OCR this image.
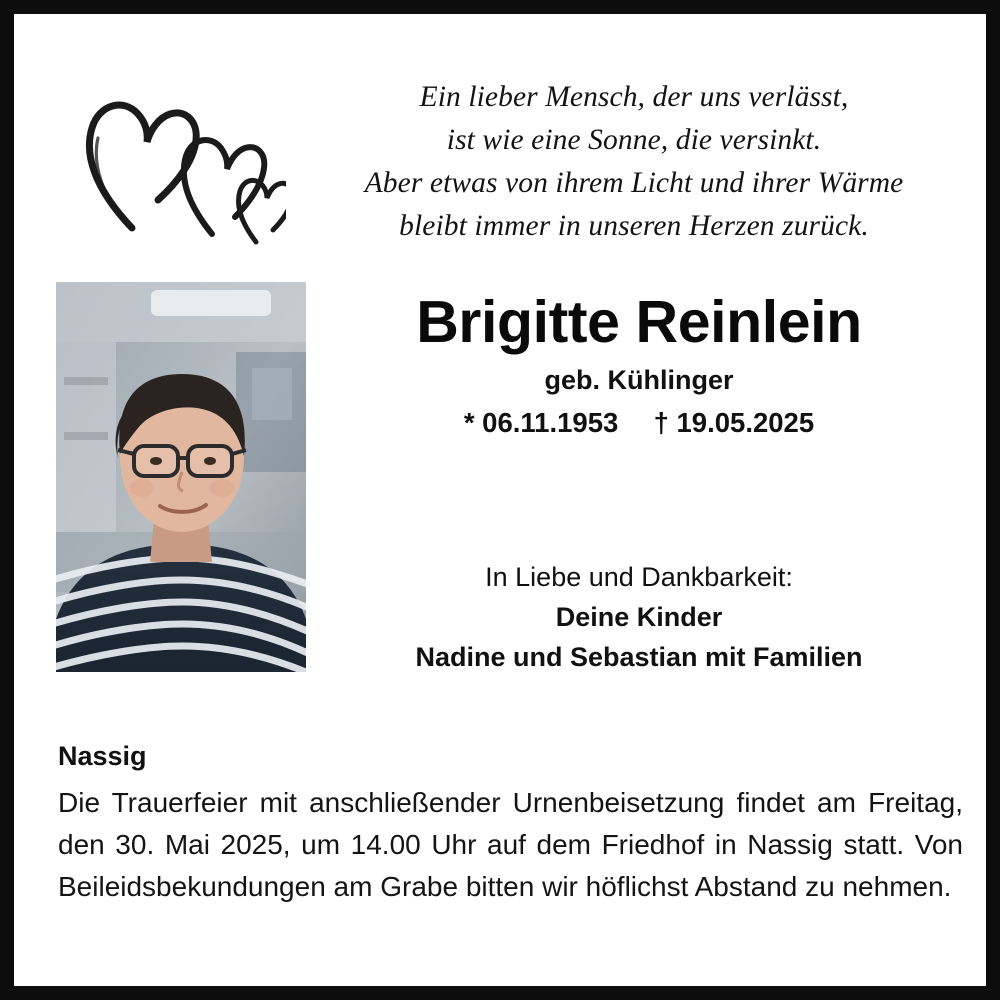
Ein lieber Mensch, der uns verlässt,
ist wie eine Sonne, die versinkt.
Aber etwas von ihrem Licht und ihrer Wärme
bleibt immer in unseren Herzen zurück.
Brigitte Reinlein
geb. Kühlinger
* 06.11.1953 † 19.05.2025
In Liebe und Dankbarkeit:
Deine Kinder
Nadine und Sebastian mit Familien
Nassig
Die Trauerfeier mit anschließender Urnenbeisetzung findet am Freitag, den 30. Mai 2025, um 14.00 Uhr auf dem Friedhof in Nassig statt. Von Beileidsbekundungen am Grabe bitten wir höflichst Abstand zu nehmen.
